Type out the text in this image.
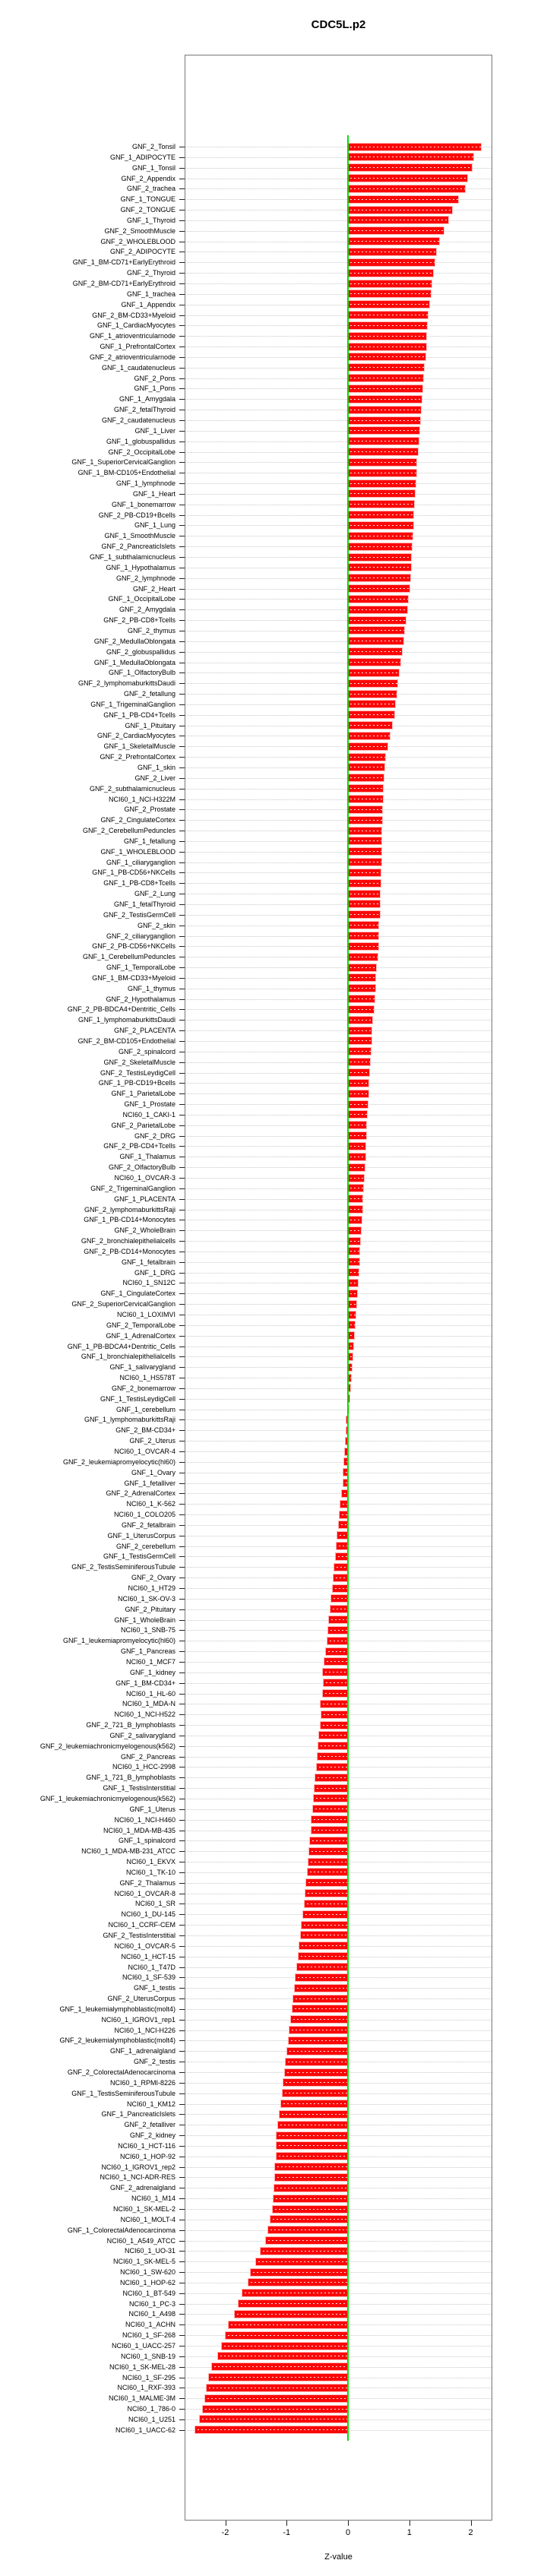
CDC5L.p2
GNF_2_Tonsil
GNF_1_ADIPOCYTE
GNF_1_Tonsil
GNF_2_Appendix
GNF_2_trachea
GNF_1_TONGUE
GNF_2_TONGUE
GNF_1_Thyroid
GNF_2_SmoothMuscle
GNF_2_WHOLEBLOOD
GNF_2_ADIPOCYTE
GNF_1_BM-CD71+EarlyErythroid
GNF_2_Thyroid
GNF_2_BM-CD71+EarlyErythroid
GNF_1_trachea
GNF_1_Appendix
GNF_2_BM-CD33+Myeloid
GNF_1_CardiacMyocytes
GNF_1_atrioventricularnode
GNF_1_PrefrontalCortex
GNF_2_atrioventricularnode
GNF_1_caudatenucleus
GNF_2_Pons
GNF_1_Pons
GNF_1_Amygdala
GNF_2_fetalThyroid
GNF_2_caudatenucleus
GNF_1_Liver
GNF_1_globuspallidus
GNF_2_OccipitalLobe
GNF_1_SuperiorCervicalGanglion
GNF_1_BM-CD105+Endothelial
GNF_1_lymphnode
GNF_1_Heart
GNF_1_bonemarrow
GNF_2_PB-CD19+Bcells
GNF_1_Lung
GNF_1_SmoothMuscle
GNF_2_PancreaticIslets
GNF_1_subthalamicnucleus
GNF_1_Hypothalamus
GNF_2_lymphnode
GNF_2_Heart
GNF_1_OccipitalLobe
GNF_2_Amygdala
GNF_2_PB-CD8+Tcells
GNF_2_thymus
GNF_2_MedullaOblongata
GNF_2_globuspallidus
GNF_1_MedullaOblongata
GNF_1_OlfactoryBulb
GNF_2_lymphomaburkittsDaudi
GNF_2_fetallung
GNF_1_TrigeminalGanglion
GNF_1_PB-CD4+Tcells
GNF_1_Pituitary
GNF_2_CardiacMyocytes
GNF_1_SkeletalMuscle
GNF_2_PrefrontalCortex
GNF_1_skin
GNF_2_Liver
GNF_2_subthalamicnucleus
NCI60_1_NCI-H322M
GNF_2_Prostate
GNF_2_CingulateCortex
GNF_2_CerebellumPeduncles
GNF_1_fetallung
GNF_1_WHOLEBLOOD
GNF_1_ciliaryganglion
GNF_1_PB-CD56+NKCells
GNF_1_PB-CD8+Tcells
GNF_2_Lung
GNF_1_fetalThyroid
GNF_2_TestisGermCell
GNF_2_skin
GNF_2_ciliaryganglion
GNF_2_PB-CD56+NKCells
GNF_1_CerebellumPeduncles
GNF_1_TemporalLobe
GNF_1_BM-CD33+Myeloid
GNF_1_thymus
GNF_2_Hypothalamus
GNF_2_PB-BDCA4+Dentritic_Cells
GNF_1_lymphomaburkittsDaudi
GNF_2_PLACENTA
GNF_2_BM-CD105+Endothelial
GNF_2_spinalcord
GNF_2_SkeletalMuscle
GNF_2_TestisLeydigCell
GNF_1_PB-CD19+Bcells
GNF_1_ParietalLobe
GNF_1_Prostate
NCI60_1_CAKI-1
GNF_2_ParietalLobe
GNF_2_DRG
GNF_2_PB-CD4+Tcells
GNF_1_Thalamus
GNF_2_OlfactoryBulb
NCI60_1_OVCAR-3
GNF_2_TrigeminalGanglion
GNF_1_PLACENTA
GNF_2_lymphomaburkittsRaji
GNF_1_PB-CD14+Monocytes
GNF_2_WholeBrain
GNF_2_bronchialepithelialcells
GNF_2_PB-CD14+Monocytes
GNF_1_fetalbrain
GNF_1_DRG
NCI60_1_SN12C
GNF_1_CingulateCortex
GNF_2_SuperiorCervicalGanglion
NCI60_1_LOXIMVI
GNF_2_TemporalLobe
GNF_1_AdrenalCortex
GNF_1_PB-BDCA4+Dentritic_Cells
GNF_1_bronchialepithelialcells
GNF_1_salivarygland
NCI60_1_HS578T
GNF_2_bonemarrow
GNF_1_TestisLeydigCell
GNF_1_cerebellum
GNF_1_lymphomaburkittsRaji
GNF_2_BM-CD34+
GNF_2_Uterus
NCI60_1_OVCAR-4
GNF_2_leukemiapromyelocytic(hl60)
GNF_1_Ovary
GNF_1_fetalliver
GNF_2_AdrenalCortex
NCI60_1_K-562
NCI60_1_COLO205
GNF_2_fetalbrain
GNF_1_UterusCorpus
GNF_2_cerebellum
GNF_1_TestisGermCell
GNF_2_TestisSeminiferousTubule
GNF_2_Ovary
NCI60_1_HT29
NCI60_1_SK-OV-3
GNF_2_Pituitary
GNF_1_WholeBrain
NCI60_1_SNB-75
GNF_1_leukemiapromyelocytic(hl60)
GNF_1_Pancreas
NCI60_1_MCF7
GNF_1_kidney
GNF_1_BM-CD34+
NCI60_1_HL-60
NCI60_1_MDA-N
NCI60_1_NCI-H522
GNF_2_721_B_lymphoblasts
GNF_2_salivarygland
GNF_2_leukemiachronicmyelogenous(k562)
GNF_2_Pancreas
NCI60_1_HCC-2998
GNF_1_721_B_lymphoblasts
GNF_1_TestisInterstitial
GNF_1_leukemiachronicmyelogenous(k562)
GNF_1_Uterus
NCI60_1_NCI-H460
NCI60_1_MDA-MB-435
GNF_1_spinalcord
NCI60_1_MDA-MB-231_ATCC
NCI60_1_EKVX
NCI60_1_TK-10
GNF_2_Thalamus
NCI60_1_OVCAR-8
NCI60_1_SR
NCI60_1_DU-145
NCI60_1_CCRF-CEM
GNF_2_TestisInterstitial
NCI60_1_OVCAR-5
NCI60_1_HCT-15
NCI60_1_T47D
NCI60_1_SF-539
GNF_1_testis
GNF_2_UterusCorpus
GNF_1_leukemialymphoblastic(molt4)
NCI60_1_IGROV1_rep1
NCI60_1_NCI-H226
GNF_2_leukemialymphoblastic(molt4)
GNF_1_adrenalgland
GNF_2_testis
GNF_2_ColorectalAdenocarcinoma
NCI60_1_RPMI-8226
GNF_1_TestisSeminiferousTubule
NCI60_1_KM12
GNF_1_PancreaticIslets
GNF_2_fetalliver
GNF_2_kidney
NCI60_1_HCT-116
NCI60_1_HOP-92
NCI60_1_IGROV1_rep2
NCI60_1_NCI-ADR-RES
GNF_2_adrenalgland
NCI60_1_M14
NCI60_1_SK-MEL-2
NCI60_1_MOLT-4
GNF_1_ColorectalAdenocarcinoma
NCI60_1_A549_ATCC
NCI60_1_UO-31
NCI60_1_SK-MEL-5
NCI60_1_SW-620
NCI60_1_HOP-62
NCI60_1_BT-549
NCI60_1_PC-3
NCI60_1_A498
NCI60_1_ACHN
NCI60_1_SF-268
NCI60_1_UACC-257
NCI60_1_SNB-19
NCI60_1_SK-MEL-28
NCI60_1_SF-295
NCI60_1_RXF-393
NCI60_1_MALME-3M
NCI60_1_786-0
NCI60_1_U251
NCI60_1_UACC-62
-2	-1	0	1	2
Z-value
